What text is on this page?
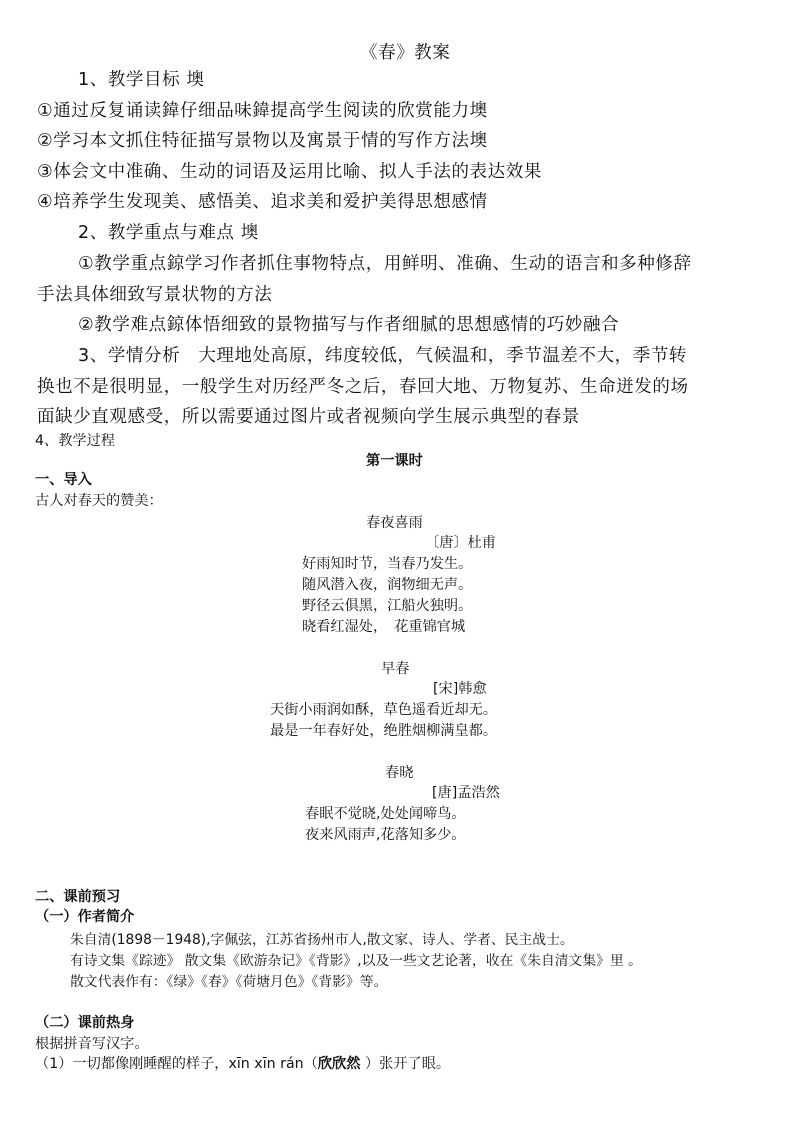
《春》教案
1、教学目标 墺
①通过反复诵读鍏仔细品味鍏提高学生阅读的欣赏能力墺
②学习本文抓住特征描写景物以及寓景于情的写作方法墺
③体会文中准确、生动的词语及运用比喻、拟人手法的表达效果
④培养学生发现美、感悟美、追求美和爱护美得思想感情
2、教学重点与难点 墺
①教学重点鍄学习作者抓住事物特点，用鲜明、准确、生动的语言和多种修辞
手法具体细致写景状物的方法
②教学难点鍄体悟细致的景物描写与作者细腻的思想感情的巧妙融合
3、学情分析　大理地处高原，纬度较低，气候温和，季节温差不大，季节转
换也不是很明显，一般学生对历经严冬之后，春回大地、万物复苏、生命迸发的场
面缺少直观感受，所以需要通过图片或者视频向学生展示典型的春景
4、教学过程
第一课时
一、导入
古人对春天的赞美：
春夜喜雨
〔唐〕杜甫
好雨知时节，当春乃发生。
随风潜入夜，润物细无声。
野径云俱黑，江船火独明。
晓看红湿处，　花重锦官城
早春
[宋]韩愈
天街小雨润如酥，草色遥看近却无。
最是一年春好处，绝胜烟柳满皇都。
春晓
[唐]孟浩然
春眠不觉晓,处处闻啼鸟。
夜来风雨声,花落知多少。
二、课前预习
（一）作者简介
朱自清(1898－1948),字佩弦，江苏省扬州市人,散文家、诗人、学者、民主战士。
有诗文集《踪迹》 散文集《欧游杂记》《背影》,以及一些文艺论著，收在《朱自清文集》里 。
散文代表作有：《绿》《春》《荷塘月色》《背影》等。
（二）课前热身
根据拼音写汉字。
（1）一切都像刚睡醒的样子，xīn xīn rán（欣欣然 ）张开了眼。
